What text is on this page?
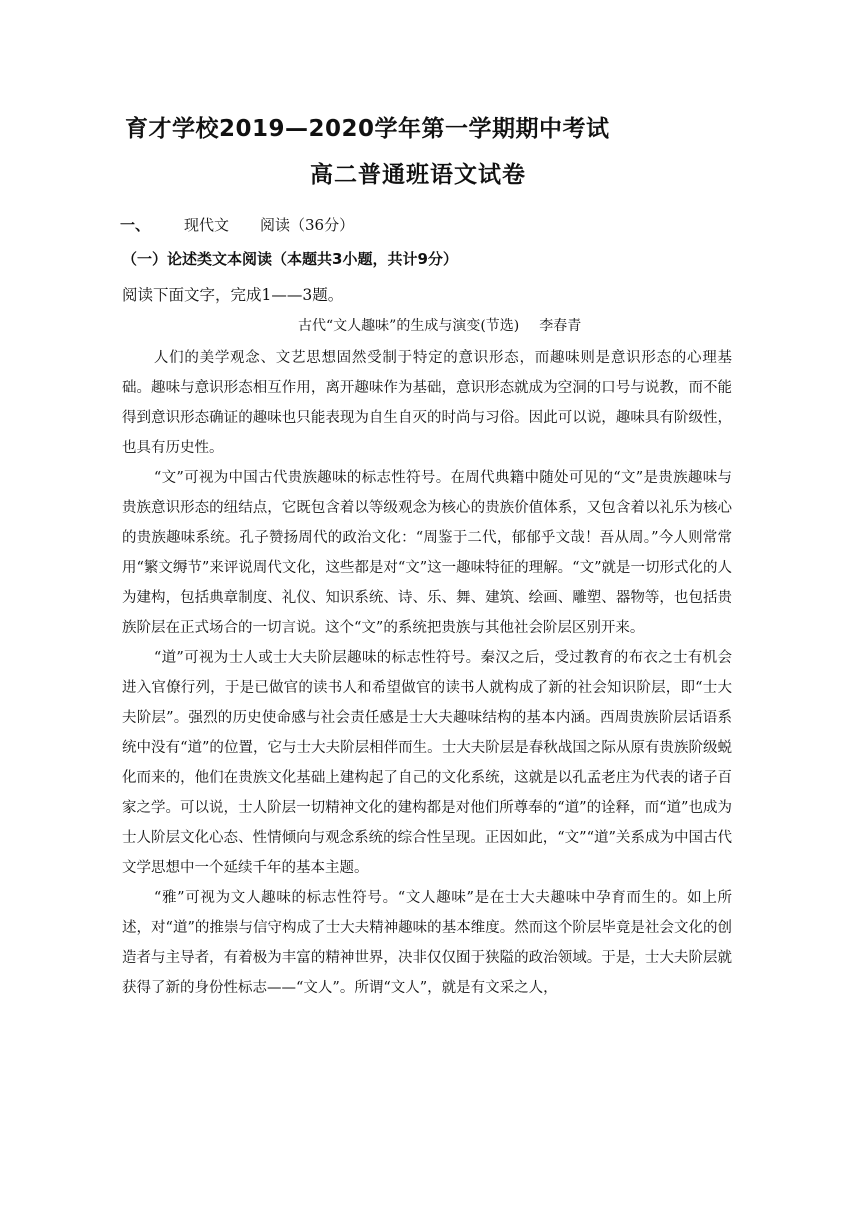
育才学校2019—2020学年第一学期期中考试
高二普通班语文试卷
一、 现代文 阅读（36分）
（一）论述类文本阅读（本题共3小题，共计9分）
阅读下面文字，完成1——3题。
古代“文人趣味”的生成与演变(节选) 李春青

人们的美学观念、文艺思想固然受制于特定的意识形态，而趣味则是意识形态的心理基础。趣味与意识形态相互作用，离开趣味作为基础，意识形态就成为空洞的口号与说教，而不能得到意识形态确证的趣味也只能表现为自生自灭的时尚与习俗。因此可以说，趣味具有阶级性，也具有历史性。

“文”可视为中国古代贵族趣味的标志性符号。在周代典籍中随处可见的“文”是贵族趣味与贵族意识形态的纽结点，它既包含着以等级观念为核心的贵族价值体系，又包含着以礼乐为核心的贵族趣味系统。孔子赞扬周代的政治文化：“周鉴于二代，郁郁乎文哉！吾从周。”今人则常常用“繁文缛节”来评说周代文化，这些都是对“文”这一趣味特征的理解。“文”就是一切形式化的人为建构，包括典章制度、礼仪、知识系统、诗、乐、舞、建筑、绘画、雕塑、器物等，也包括贵族阶层在正式场合的一切言说。这个“文”的系统把贵族与其他社会阶层区别开来。

“道”可视为士人或士大夫阶层趣味的标志性符号。秦汉之后，受过教育的布衣之士有机会进入官僚行列，于是已做官的读书人和希望做官的读书人就构成了新的社会知识阶层，即“士大夫阶层”。强烈的历史使命感与社会责任感是士大夫趣味结构的基本内涵。西周贵族阶层话语系统中没有“道”的位置，它与士大夫阶层相伴而生。士大夫阶层是春秋战国之际从原有贵族阶级蜕化而来的，他们在贵族文化基础上建构起了自己的文化系统，这就是以孔孟老庄为代表的诸子百家之学。可以说，士人阶层一切精神文化的建构都是对他们所尊奉的“道”的诠释，而“道”也成为士人阶层文化心态、性情倾向与观念系统的综合性呈现。正因如此，“文”“道”关系成为中国古代文学思想中一个延续千年的基本主题。

“雅”可视为文人趣味的标志性符号。“文人趣味”是在士大夫趣味中孕育而生的。如上所述，对“道”的推崇与信守构成了士大夫精神趣味的基本维度。然而这个阶层毕竟是社会文化的创造者与主导者，有着极为丰富的精神世界，决非仅仅囿于狭隘的政治领域。于是，士大夫阶层就获得了新的身份性标志——“文人”。所谓“文人”，就是有文采之人，
